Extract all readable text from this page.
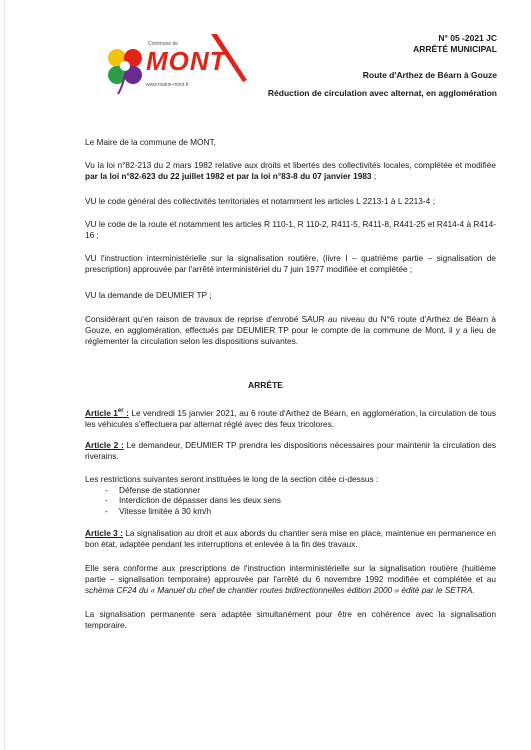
Commune de
MONT
www.mairie-mont.fr
N° 05 -2021 JC
ARRÊTÉ MUNICIPAL
Route d'Arthez de Béarn à Gouze
Réduction de circulation avec alternat, en agglomération
Le Maire de la commune de MONT,
Vu la loi n°82-213 du 2 mars 1982 relative aux droits et libertés des collectivités locales, complétée et modifiée par la loi n°82-623 du 22 juillet 1982 et par la loi n°83-8 du 07 janvier 1983 ;
VU le code général des collectivités territoriales et notamment les articles L 2213-1 à L 2213-4 ;
VU le code de la route et notamment les articles R 110-1, R 110-2, R411-5, R411-8, R441-25 et R414-4 à R414-16 ;
VU l'instruction interministérielle sur la signalisation routière, (livre I – quatrième partie – signalisation de prescription) approuvée par l'arrêté interministériel du 7 juin 1977 modifiée et complétée ;
VU la demande de DEUMIER TP ;
Considérant qu'en raison de travaux de reprise d'enrobé SAUR au niveau du N°6 route d'Arthez de Béarn à Gouze, en agglomération, effectués par DEUMIER TP pour le compte de la commune de Mont, il y a lieu de réglementer la circulation selon les dispositions suivantes.
ARRÊTE
Article 1er : Le vendredi 15 janvier 2021, au 6 route d'Arthez de Béarn, en agglomération, la circulation de tous les véhicules s'effectuera par alternat réglé avec des feux tricolores.
Article 2 : Le demandeur, DEUMIER TP prendra les dispositions nécessaires pour maintenir la circulation des riverains.
Les restrictions suivantes seront instituées le long de la section citée ci-dessus :
- Défense de stationner
- Interdiction de dépasser dans les deux sens
- Vitesse limitée à 30 km/h
Article 3 : La signalisation au droit et aux abords du chantier sera mise en place, maintenue en permanence en bon état, adaptée pendant les interruptions et enlevée à la fin des travaux.
Elle sera conforme aux prescriptions de l'instruction interministérielle sur la signalisation routière (huitième partie – signalisation temporaire) approuvée par l'arrêté du 6 novembre 1992 modifiée et complétée et au schéma CF24 du « Manuel du chef de chantier routes bidirectionnelles édition 2000 » édité par le SETRA.
La signalisation permanente sera adaptée simultanément pour être en cohérence avec la signalisation temporaire.
